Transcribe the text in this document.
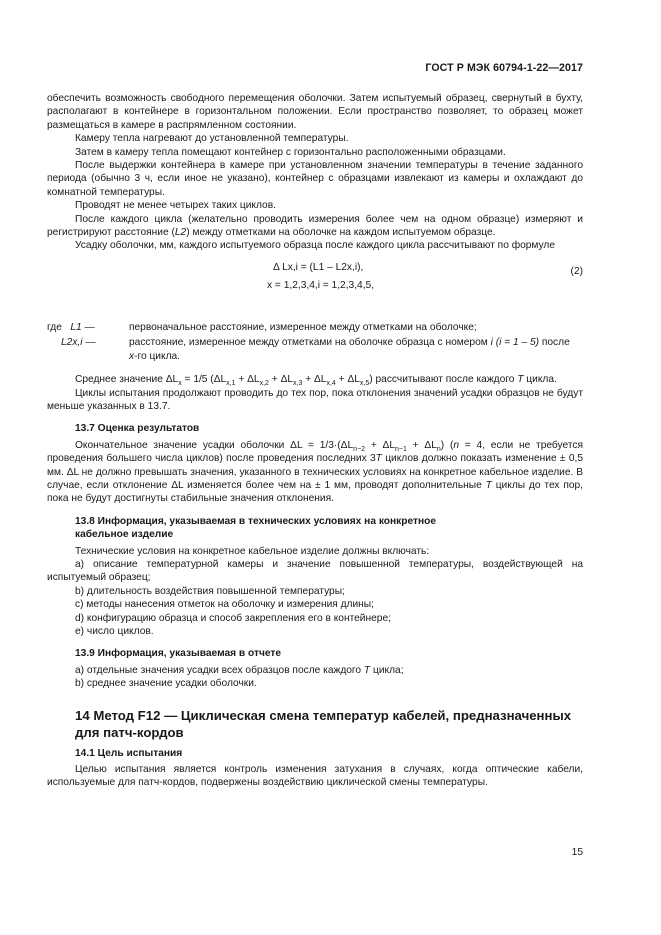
ГОСТ Р МЭК 60794-1-22—2017

обеспечить возможность свободного перемещения оболочки. Затем испытуемый образец, свернутый в бухту, располагают в контейнере в горизонтальном положении. Если пространство позволяет, то образец может размещаться в камере в распрямленном состоянии.

Камеру тепла нагревают до установленной температуры.

Затем в камеру тепла помещают контейнер с горизонтально расположенными образцами.

После выдержки контейнера в камере при установленном значении температуры в течение заданного периода (обычно 3 ч, если иное не указано), контейнер с образцами извлекают из камеры и охлаждают до комнатной температуры.

Проводят не менее четырех таких циклов.

После каждого цикла (желательно проводить измерения более чем на одном образце) измеряют и регистрируют расстояние (L2) между отметками на оболочке на каждом испытуемом образце.

Усадку оболочки, мм, каждого испытуемого образца после каждого цикла рассчитывают по формуле

Δ Lx,i = (L1 – L2x,i),
x = 1,2,3,4,i = 1,2,3,4,5,
(2)
где L1 —	первоначальное расстояние, измеренное между отметками на оболочке;
L2x,i —	расстояние, измеренное между отметками на оболочке образца с номером i (i = 1 – 5) после
x-го цикла.

Среднее значение $\Delta L_x = 1/5$ $(\Delta L_{x,1} + \Delta L_{x,2} + \Delta L_{x,3} + \Delta L_{x,4} + \Delta L_{x,5})$ рассчитывают после каждого T цикла.

Циклы испытания продолжают проводить до тех пор, пока отклонения значений усадки образцов не будут меньше указанных в 13.7.

13.7 Оценка результатов

Окончательное значение усадки оболочки $\Delta L = 1/3\cdot(\Delta L_{n-2} + \Delta L_{n-1} + \Delta L_n) (n = 4$, если не требуется проведения большего числа циклов) после проведения последних 3T циклов должно показать изменение ± 0,5 мм. ΔL не должно превышать значения, указанного в технических условиях на конкретное кабельное изделие. В случае, если отклонение ΔL изменяется более чем на ± 1 мм, проводят дополнительные T циклы до тех пор, пока не будут достигнуты стабильные значения отклонения.

13.8 Информация, указываемая в технических условиях на конкретное
кабельное изделие

Технические условия на конкретное кабельное изделие должны включать:

a) описание температурной камеры и значение повышенной температуры, воздействующей на испытуемый образец;

b) длительность воздействия повышенной температуры;

c) методы нанесения отметок на оболочку и измерения длины;

d) конфигурацию образца и способ закрепления его в контейнере;

e) число циклов.

13.9 Информация, указываемая в отчете

a) отдельные значения усадки всех образцов после каждого T цикла;

b) среднее значение усадки оболочки.

14 Метод F12 — Циклическая смена температур кабелей, предназначенных для патч-кордов
14.1 Цель испытания

Целью испытания является контроль изменения затухания в случаях, когда оптические кабели, используемые для патч-кордов, подвержены воздействию циклической смены температуры.

15
